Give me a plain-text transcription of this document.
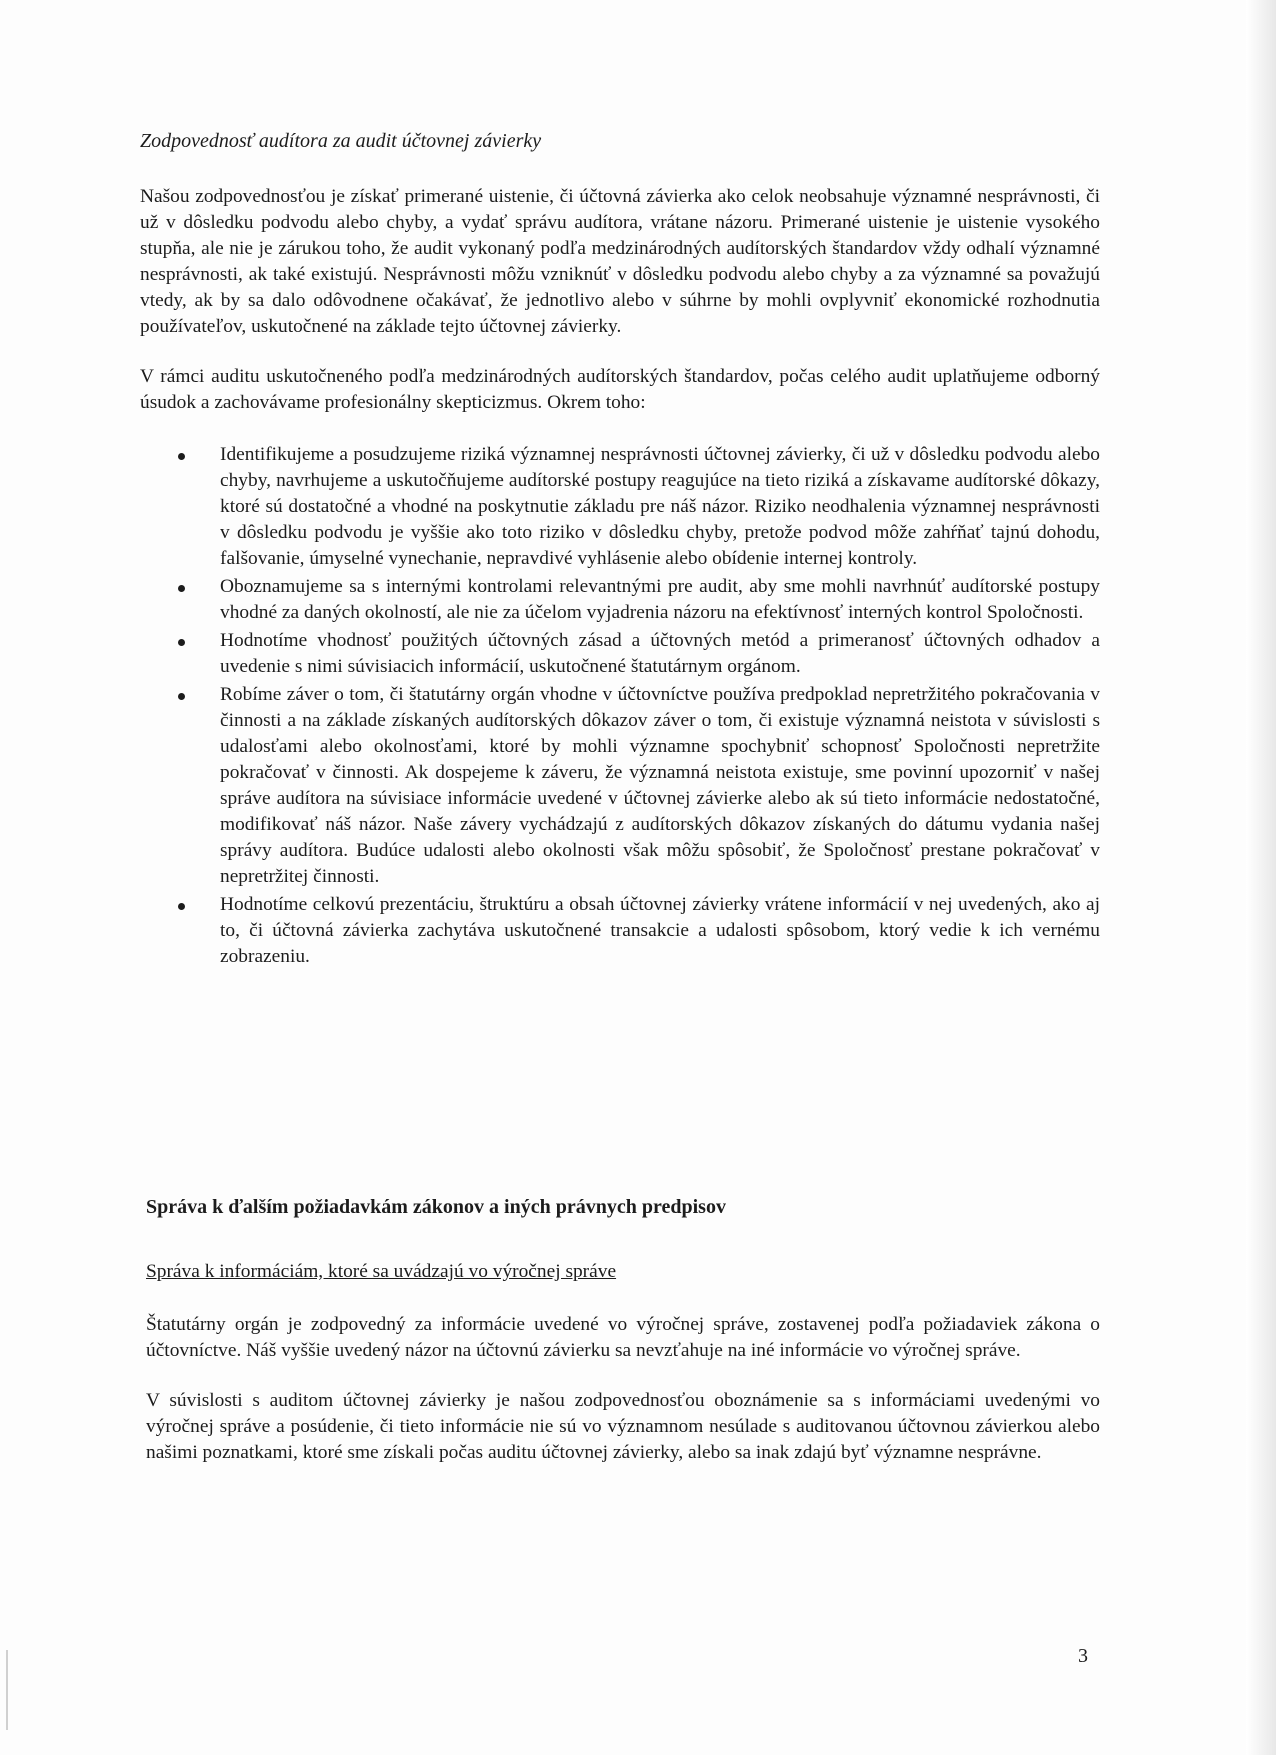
Zodpovednosť audítora za audit účtovnej závierky

Našou zodpovednosťou je získať primerané uistenie, či účtovná závierka ako celok neobsahuje významné nesprávnosti, či už v dôsledku podvodu alebo chyby, a vydať správu audítora, vrátane názoru. Primerané uistenie je uistenie vysokého stupňa, ale nie je zárukou toho, že audit vykonaný podľa medzinárodných audítorských štandardov vždy odhalí významné nesprávnosti, ak také existujú. Nesprávnosti môžu vzniknúť v dôsledku podvodu alebo chyby a za významné sa považujú vtedy, ak by sa dalo odôvodnene očakávať, že jednotlivo alebo v súhrne by mohli ovplyvniť ekonomické rozhodnutia používateľov, uskutočnené na základe tejto účtovnej závierky.

V rámci auditu uskutočneného podľa medzinárodných audítorských štandardov, počas celého audit uplatňujeme odborný úsudok a zachovávame profesionálny skepticizmus. Okrem toho:

Identifikujeme a posudzujeme riziká významnej nesprávnosti účtovnej závierky, či už v dôsledku podvodu alebo chyby, navrhujeme a uskutočňujeme audítorské postupy reagujúce na tieto riziká a získavame audítorské dôkazy, ktoré sú dostatočné a vhodné na poskytnutie základu pre náš názor. Riziko neodhalenia významnej nesprávnosti v dôsledku podvodu je vyššie ako toto riziko v dôsledku chyby, pretože podvod môže zahŕňať tajnú dohodu, falšovanie, úmyselné vynechanie, nepravdivé vyhlásenie alebo obídenie internej kontroly.
Oboznamujeme sa s internými kontrolami relevantnými pre audit, aby sme mohli navrhnúť audítorské postupy vhodné za daných okolností, ale nie za účelom vyjadrenia názoru na efektívnosť interných kontrol Spoločnosti.
Hodnotíme vhodnosť použitých účtovných zásad a účtovných metód a primeranosť účtovných odhadov a uvedenie s nimi súvisiacich informácií, uskutočnené štatutárnym orgánom.
Robíme záver o tom, či štatutárny orgán vhodne v účtovníctve používa predpoklad nepretržitého pokračovania v činnosti a na základe získaných audítorských dôkazov záver o tom, či existuje významná neistota v súvislosti s udalosťami alebo okolnosťami, ktoré by mohli významne spochybniť schopnosť Spoločnosti nepretržite pokračovať v činnosti. Ak dospejeme k záveru, že významná neistota existuje, sme povinní upozorniť v našej správe audítora na súvisiace informácie uvedené v účtovnej závierke alebo ak sú tieto informácie nedostatočné, modifikovať náš názor. Naše závery vychádzajú z audítorských dôkazov získaných do dátumu vydania našej správy audítora. Budúce udalosti alebo okolnosti však môžu spôsobiť, že Spoločnosť prestane pokračovať v nepretržitej činnosti.
Hodnotíme celkovú prezentáciu, štruktúru a obsah účtovnej závierky vrátene informácií v nej uvedených, ako aj to, či účtovná závierka zachytáva uskutočnené transakcie a udalosti spôsobom, ktorý vedie k ich vernému zobrazeniu.

Správa k ďalším požiadavkám zákonov a iných právnych predpisov

Správa k informáciám, ktoré sa uvádzajú vo výročnej správe

Štatutárny orgán je zodpovedný za informácie uvedené vo výročnej správe, zostavenej podľa požiadaviek zákona o účtovníctve. Náš vyššie uvedený názor na účtovnú závierku sa nevzťahuje na iné informácie vo výročnej správe.

V súvislosti s auditom účtovnej závierky je našou zodpovednosťou oboznámenie sa s informáciami uvedenými vo výročnej správe a posúdenie, či tieto informácie nie sú vo významnom nesúlade s auditovanou účtovnou závierkou alebo našimi poznatkami, ktoré sme získali počas auditu účtovnej závierky, alebo sa inak zdajú byť významne nesprávne.

3
